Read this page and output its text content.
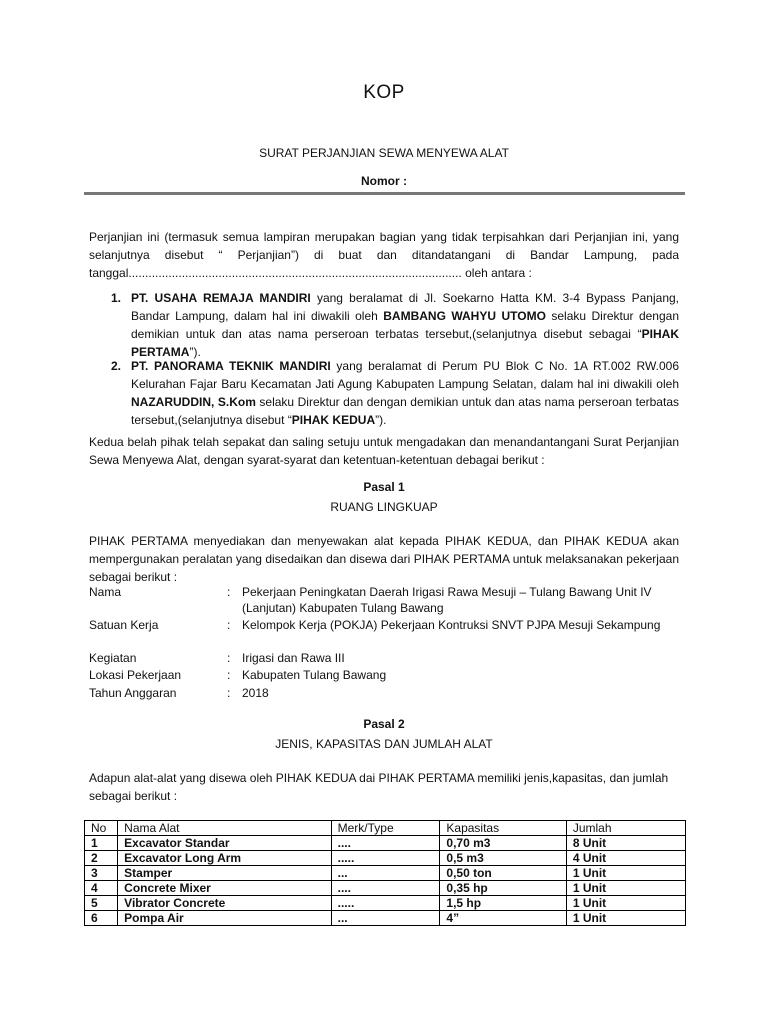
KOP
SURAT PERJANJIAN SEWA MENYEWA ALAT
Nomor :
Perjanjian ini (termasuk semua lampiran merupakan bagian yang tidak terpisahkan dari Perjanjian ini, yang selanjutnya disebut “ Perjanjian”) di buat dan ditandatangani di Bandar Lampung, pada tanggal.................................................................................................... oleh antara :
1. PT. USAHA REMAJA MANDIRI yang beralamat di Jl. Soekarno Hatta KM. 3-4 Bypass Panjang, Bandar Lampung, dalam hal ini diwakili oleh BAMBANG WAHYU UTOMO selaku Direktur dengan demikian untuk dan atas nama perseroan terbatas tersebut,(selanjutnya disebut sebagai “PIHAK PERTAMA”).
2. PT. PANORAMA TEKNIK MANDIRI yang beralamat di Perum PU Blok C No. 1A RT.002 RW.006 Kelurahan Fajar Baru Kecamatan Jati Agung Kabupaten Lampung Selatan, dalam hal ini diwakili oleh NAZARUDDIN, S.Kom selaku Direktur dan dengan demikian untuk dan atas nama perseroan terbatas tersebut,(selanjutnya disebut “PIHAK KEDUA”).
Kedua belah pihak telah sepakat dan saling setuju untuk mengadakan dan menandantangani Surat Perjanjian Sewa Menyewa Alat, dengan syarat-syarat dan ketentuan-ketentuan debagai berikut :
Pasal 1
RUANG LINGKUAP
PIHAK PERTAMA menyediakan dan menyewakan alat kepada PIHAK KEDUA, dan PIHAK KEDUA akan mempergunakan peralatan yang disedaikan dan disewa dari PIHAK PERTAMA untuk melaksanakan pekerjaan sebagai berikut :
Nama	: Pekerjaan Peningkatan Daerah Irigasi Rawa Mesuji – Tulang Bawang Unit IV (Lanjutan) Kabupaten Tulang Bawang
Satuan Kerja	: Kelompok Kerja (POKJA) Pekerjaan Kontruksi SNVT PJPA Mesuji Sekampung
Kegiatan	: Irigasi dan Rawa III
Lokasi Pekerjaan	: Kabupaten Tulang Bawang
Tahun Anggaran	: 2018
Pasal 2
JENIS, KAPASITAS DAN JUMLAH ALAT
Adapun alat-alat yang disewa oleh PIHAK KEDUA dai PIHAK PERTAMA memiliki jenis,kapasitas, dan jumlah sebagai berikut :
No	Nama Alat	Merk/Type	Kapasitas	Jumlah
1	Excavator Standar	....	0,70 m3	8 Unit
2	Excavator Long Arm	.....	0,5 m3	4 Unit
3	Stamper	...	0,50 ton	1 Unit
4	Concrete Mixer	....	0,35 hp	1 Unit
5	Vibrator Concrete	.....	1,5 hp	1 Unit
6	Pompa Air	...	4”	1 Unit
